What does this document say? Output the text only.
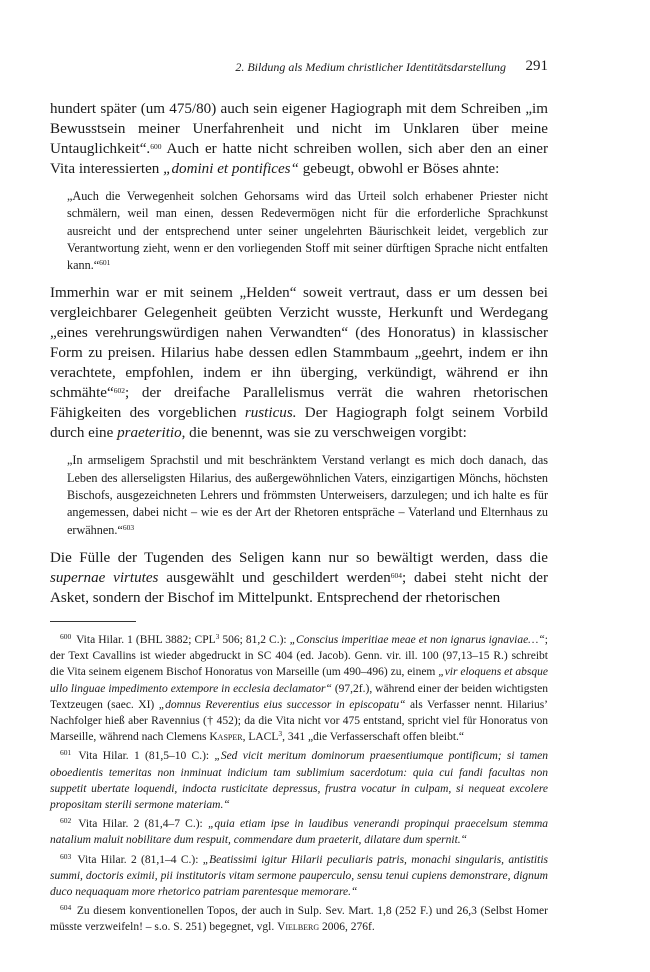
2. Bildung als Medium christlicher Identitätsdarstellung 291

hundert später (um 475/80) auch sein eigener Hagiograph mit dem Schreiben „im Bewusstsein meiner Unerfahrenheit und nicht im Unklaren über meine Untauglichkeit“.$^{600}$ Auch er hatte nicht schreiben wollen, sich aber den an einer Vita interessierten „domini et pontifices“ gebeugt, obwohl er Böses ahnte:

„Auch die Verwegenheit solchen Gehorsams wird das Urteil solch erhabener Priester nicht schmälern, weil man einen, dessen Redevermögen nicht für die erforderliche Sprachkunst ausreicht und der entsprechend unter seiner ungelehrten Bäurischkeit leidet, vergeblich zur Verantwortung zieht, wenn er den vorliegenden Stoff mit seiner dürftigen Sprache nicht entfalten kann.“$^{601}$

Immerhin war er mit seinem „Helden“ soweit vertraut, dass er um dessen bei vergleichbarer Gelegenheit geübten Verzicht wusste, Herkunft und Werdegang „eines verehrungswürdigen nahen Verwandten“ (des Honoratus) in klassischer Form zu preisen. Hilarius habe dessen edlen Stammbaum „geehrt, indem er ihn verachtete, empfohlen, indem er ihn überging, verkündigt, während er ihn schmähte“$^{602}$; der dreifache Parallelismus verrät die wahren rhetorischen Fähigkeiten des vorgeblichen rusticus. Der Hagiograph folgt seinem Vorbild durch eine praeteritio, die benennt, was sie zu verschweigen vorgibt:

„In armseligem Sprachstil und mit beschränktem Verstand verlangt es mich doch danach, das Leben des allerseligsten Hilarius, des außergewöhnlichen Vaters, einzigartigen Mönchs, höchsten Bischofs, ausgezeichneten Lehrers und frömmsten Unterweisers, darzulegen; und ich halte es für angemessen, dabei nicht – wie es der Art der Rhetoren entspräche – Vaterland und Elternhaus zu erwähnen.“$^{603}$

Die Fülle der Tugenden des Seligen kann nur so bewältigt werden, dass die supernae virtutes ausgewählt und geschildert werden$^{604}$; dabei steht nicht der Asket, sondern der Bischof im Mittelpunkt. Entsprechend der rhetorischen

$^{600}$ Vita Hilar. 1 (BHL 3882; CPL$^3$ 506; 81,2 C.): „Conscius imperitiae meae et non ignarus ignaviae…“; der Text Cavallins ist wieder abgedruckt in SC 404 (ed. Jacob). Genn. vir. ill. 100 (97,13–15 R.) schreibt die Vita seinem eigenem Bischof Honoratus von Marseille (um 490–496) zu, einem „vir eloquens et absque ullo linguae impedimento extempore in ecclesia declamator“ (97,2f.), während einer der beiden wichtigsten Textzeugen (saec. XI) „domnus Reverentius eius successor in episcopatu“ als Verfasser nennt. Hilarius’ Nachfolger hieß aber Ravennius († 452); da die Vita nicht vor 475 entstand, spricht viel für Honoratus von Marseille, während nach Clemens Kasper, LACL$^3$, 341 „die Verfasserschaft offen bleibt.“

$^{601}$ Vita Hilar. 1 (81,5–10 C.): „Sed vicit meritum dominorum praesentiumque pontificum; si tamen oboedientis temeritas non inminuat indicium tam sublimium sacerdotum: quia cui fandi facultas non suppetit ubertate loquendi, indocta rusticitate depressus, frustra vocatur in culpam, si nequeat excolere propositam sterili sermone materiam.“

$^{602}$ Vita Hilar. 2 (81,4–7 C.): „quia etiam ipse in laudibus venerandi propinqui praecelsum stemma natalium maluit nobilitare dum respuit, commendare dum praeterit, dilatare dum spernit.“

$^{603}$ Vita Hilar. 2 (81,1–4 C.): „Beatissimi igitur Hilarii peculiaris patris, monachi singularis, antistitis summi, doctoris eximii, pii institutoris vitam sermone pauperculo, sensu tenui cupiens demonstrare, dignum duco nequaquam more rhetorico patriam parentesque memorare.“

$^{604}$ Zu diesem konventionellen Topos, der auch in Sulp. Sev. Mart. 1,8 (252 F.) und 26,3 (Selbst Homer müsste verzweifeln! – s.o. S. 251) begegnet, vgl. Vielberg 2006, 276f.
